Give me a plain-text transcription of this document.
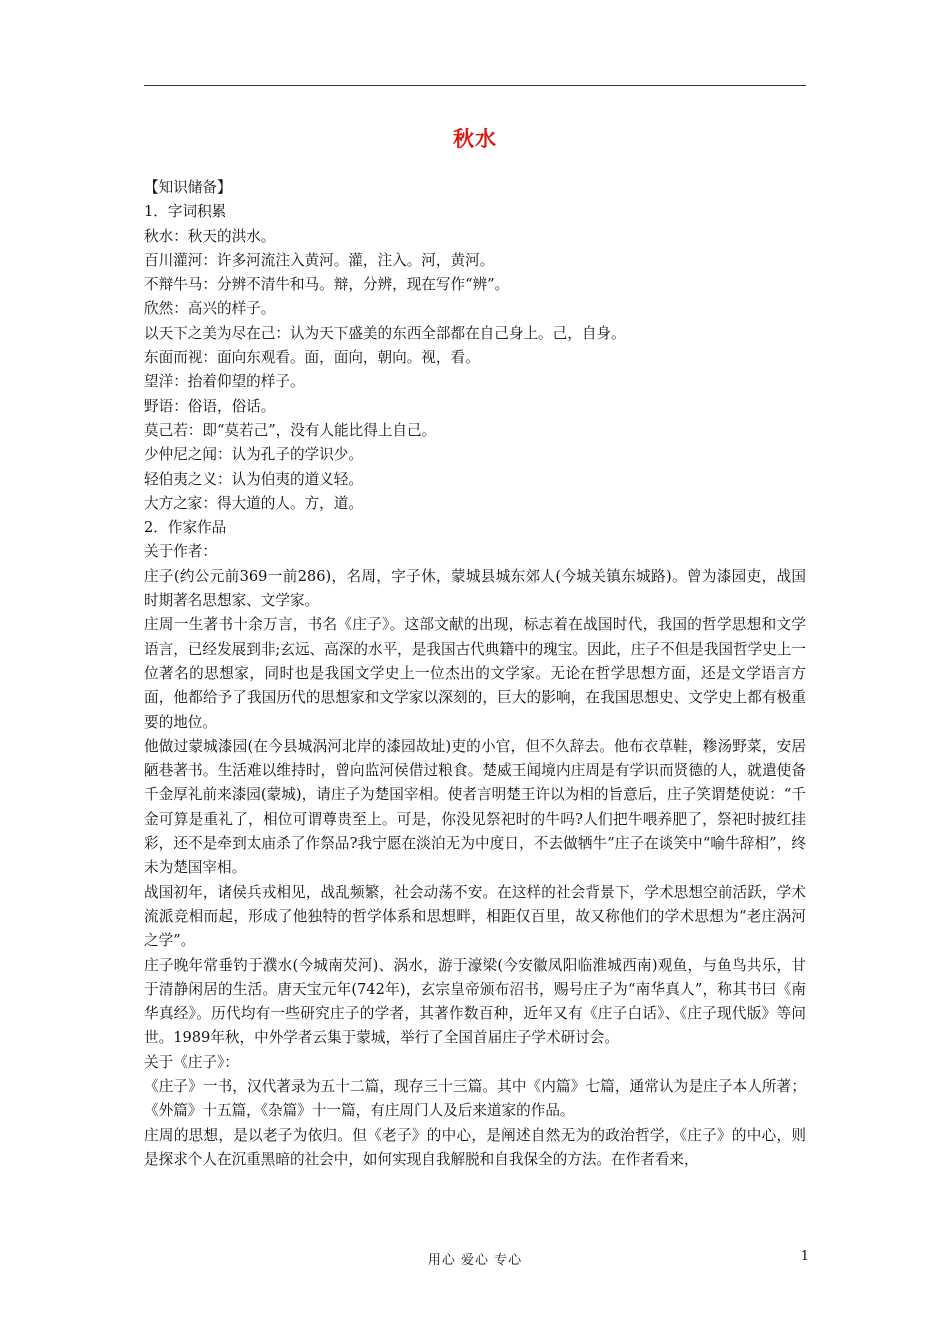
秋水

【知识储备】

1．字词积累

秋水：秋天的洪水。

百川灌河：许多河流注入黄河。灌，注入。河，黄河。

不辩牛马：分辨不清牛和马。辩，分辨，现在写作“辨”。

欣然：高兴的样子。

以天下之美为尽在己：认为天下盛美的东西全部都在自己身上。己，自身。

东面而视：面向东观看。面，面向，朝向。视，看。

望洋：抬着仰望的样子。

野语：俗语，俗话。

莫己若：即“莫若己”，没有人能比得上自己。

少仲尼之闻：认为孔子的学识少。

轻伯夷之义：认为伯夷的道义轻。

大方之家：得大道的人。方，道。

2．作家作品

关于作者：

庄子(约公元前369一前286)，名周，字子休，蒙城县城东郊人(今城关镇东城路)。曾为漆园吏，战国时期著名思想家、文学家。

庄周一生著书十余万言，书名《庄子》。这部文献的出现，标志着在战国时代，我国的哲学思想和文学语言，已经发展到非;玄远、高深的水平，是我国古代典籍中的瑰宝。因此，庄子不但是我国哲学史上一位著名的思想家，同时也是我国文学史上一位杰出的文学家。无论在哲学思想方面，还是文学语言方面，他都给予了我国历代的思想家和文学家以深刻的，巨大的影响，在我国思想史、文学史上都有极重要的地位。

他做过蒙城漆园(在今县城涡河北岸的漆园故址)吏的小官，但不久辞去。他布衣草鞋，糁汤野菜，安居陋巷著书。生活难以维持时，曾向监河侯借过粮食。楚威王闻境内庄周是有学识而贤德的人，就遣使备千金厚礼前来漆园(蒙城)，请庄子为楚国宰相。使者言明楚王许以为相的旨意后，庄子笑谓楚使说：“千金可算是重礼了，相位可谓尊贵至上。可是，你没见祭祀时的牛吗?人们把牛喂养肥了，祭祀时披红挂彩，还不是牵到太庙杀了作祭品?我宁愿在淡泊无为中度日，不去做牺牛”庄子在谈笑中“喻牛辞相”，终未为楚国宰相。

战国初年，诸侯兵戎相见，战乱频繁，社会动荡不安。在这样的社会背景下，学术思想空前活跃，学术流派竞相而起，形成了他独特的哲学体系和思想畔，相距仅百里，故又称他们的学术思想为“老庄涡河之学”。

庄子晚年常垂钓于濮水(今城南芡河)、涡水，游于濠梁(今安徽凤阳临淮城西南)观鱼，与鱼鸟共乐，甘于清静闲居的生活。唐天宝元年(742年)，玄宗皇帝颁布沼书，赐号庄子为“南华真人”，称其书曰《南华真经》。历代均有一些研究庄子的学者，其著作数百种，近年又有《庄子白话》、《庄子现代版》等问世。1989年秋，中外学者云集于蒙城，举行了全国首届庄子学术研讨会。

关于《庄子》：

《庄子》一书，汉代著录为五十二篇，现存三十三篇。其中《内篇》七篇，通常认为是庄子本人所著；《外篇》十五篇，《杂篇》十一篇，有庄周门人及后来道家的作品。

庄周的思想，是以老子为依归。但《老子》的中心，是阐述自然无为的政治哲学，《庄子》的中心，则是探求个人在沉重黑暗的社会中，如何实现自我解脱和自我保全的方法。在作者看来，

用心 爱心 专心	1
